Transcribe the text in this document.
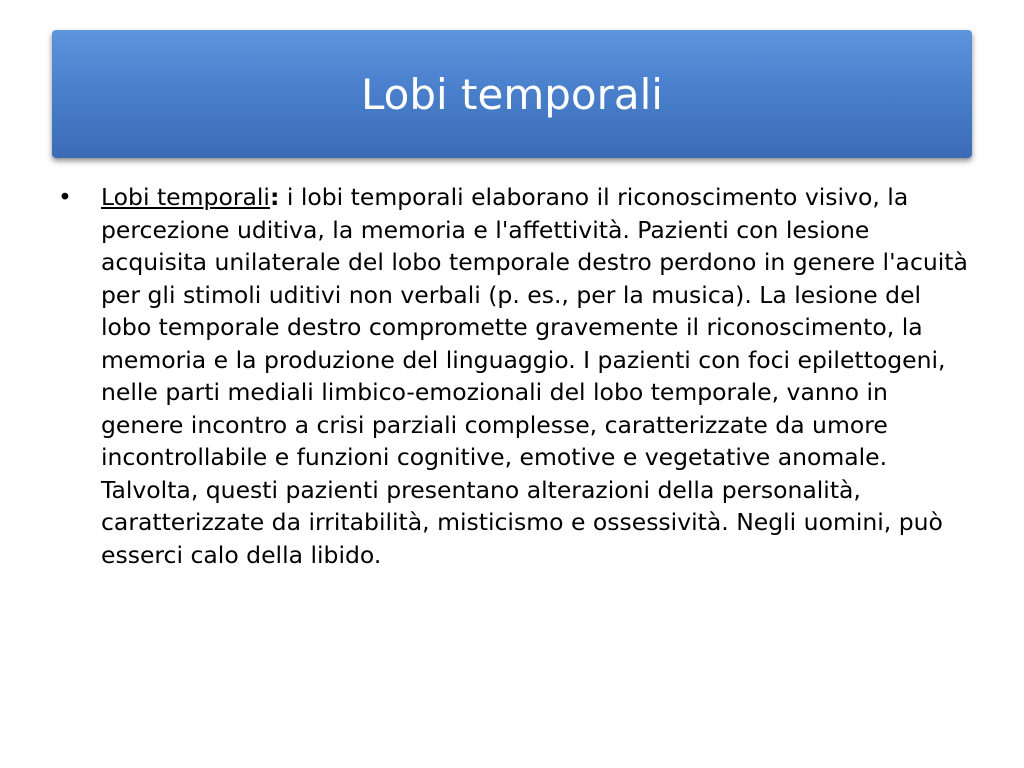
Lobi temporali
• Lobi temporali: i lobi temporali elaborano il riconoscimento visivo, la percezione uditiva, la memoria e l'affettività. Pazienti con lesione acquisita unilaterale del lobo temporale destro perdono in genere l'acuità per gli stimoli uditivi non verbali (p. es., per la musica). La lesione del lobo temporale destro compromette gravemente il riconoscimento, la memoria e la produzione del linguaggio. I pazienti con foci epilettogeni, nelle parti mediali limbico-emozionali del lobo temporale, vanno in genere incontro a crisi parziali complesse, caratterizzate da umore incontrollabile e funzioni cognitive, emotive e vegetative anomale. Talvolta, questi pazienti presentano alterazioni della personalità, caratterizzate da irritabilità, misticismo e ossessività. Negli uomini, può esserci calo della libido.
